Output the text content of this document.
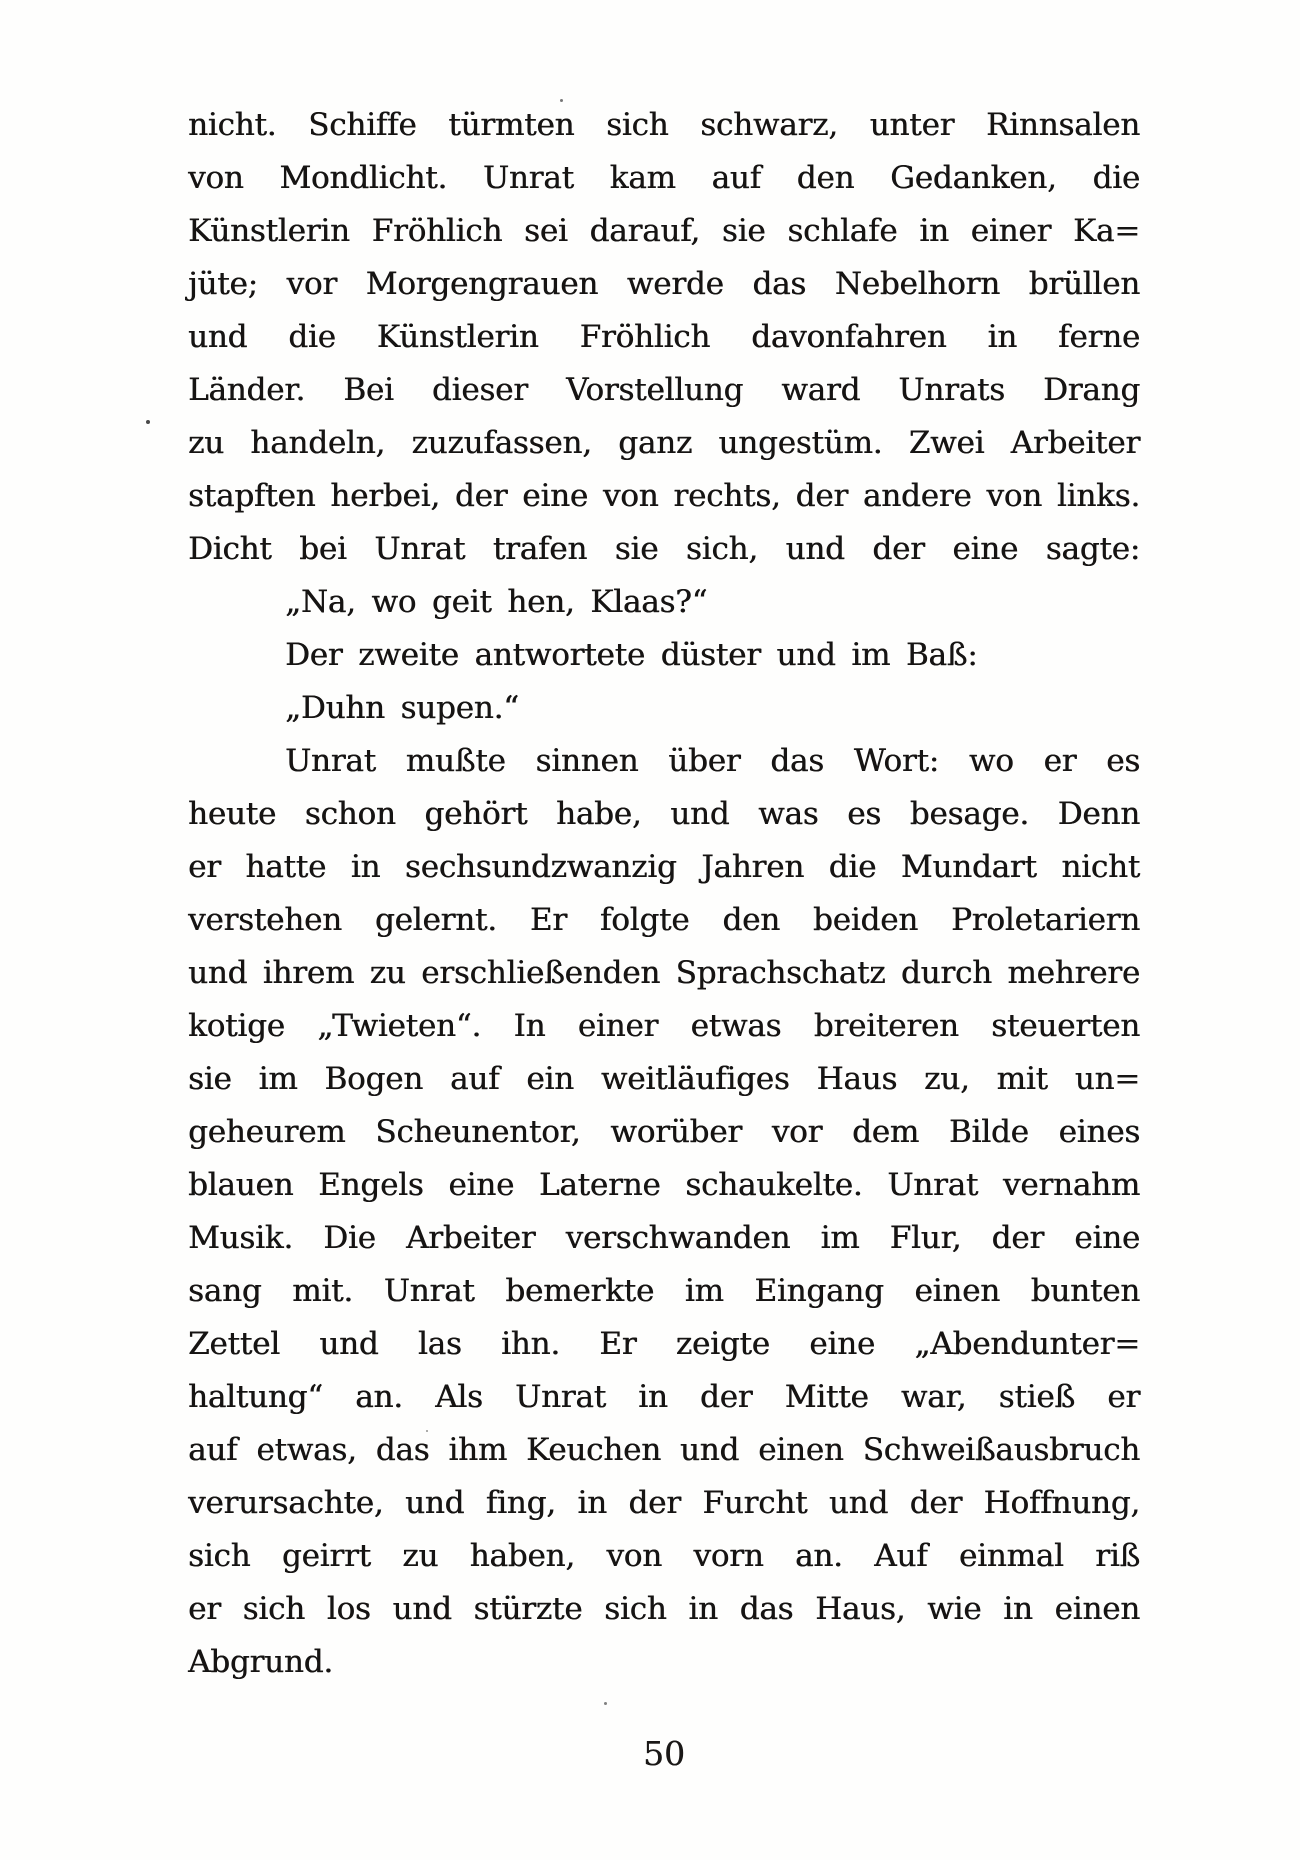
nicht. Schiffe türmten sich schwarz, unter Rinnsalen
von Mondlicht. Unrat kam auf den Gedanken, die
Künstlerin Fröhlich sei darauf, sie schlafe in einer Ka=
jüte; vor Morgengrauen werde das Nebelhorn brüllen
und die Künstlerin Fröhlich davonfahren in ferne
Länder. Bei dieser Vorstellung ward Unrats Drang
zu handeln, zuzufassen, ganz ungestüm. Zwei Arbeiter
stapften herbei, der eine von rechts, der andere von links.
Dicht bei Unrat trafen sie sich, und der eine sagte:
„Na, wo geit hen, Klaas?“
Der zweite antwortete düster und im Baß:
„Duhn supen.“
Unrat mußte sinnen über das Wort: wo er es
heute schon gehört habe, und was es besage. Denn
er hatte in sechsundzwanzig Jahren die Mundart nicht
verstehen gelernt. Er folgte den beiden Proletariern
und ihrem zu erschließenden Sprachschatz durch mehrere
kotige „Twieten“. In einer etwas breiteren steuerten
sie im Bogen auf ein weitläufiges Haus zu, mit un=
geheurem Scheunentor, worüber vor dem Bilde eines
blauen Engels eine Laterne schaukelte. Unrat vernahm
Musik. Die Arbeiter verschwanden im Flur, der eine
sang mit. Unrat bemerkte im Eingang einen bunten
Zettel und las ihn. Er zeigte eine „Abendunter=
haltung“ an. Als Unrat in der Mitte war, stieß er
auf etwas, das ihm Keuchen und einen Schweißausbruch
verursachte, und fing, in der Furcht und der Hoffnung,
sich geirrt zu haben, von vorn an. Auf einmal riß
er sich los und stürzte sich in das Haus, wie in einen
Abgrund.
50
